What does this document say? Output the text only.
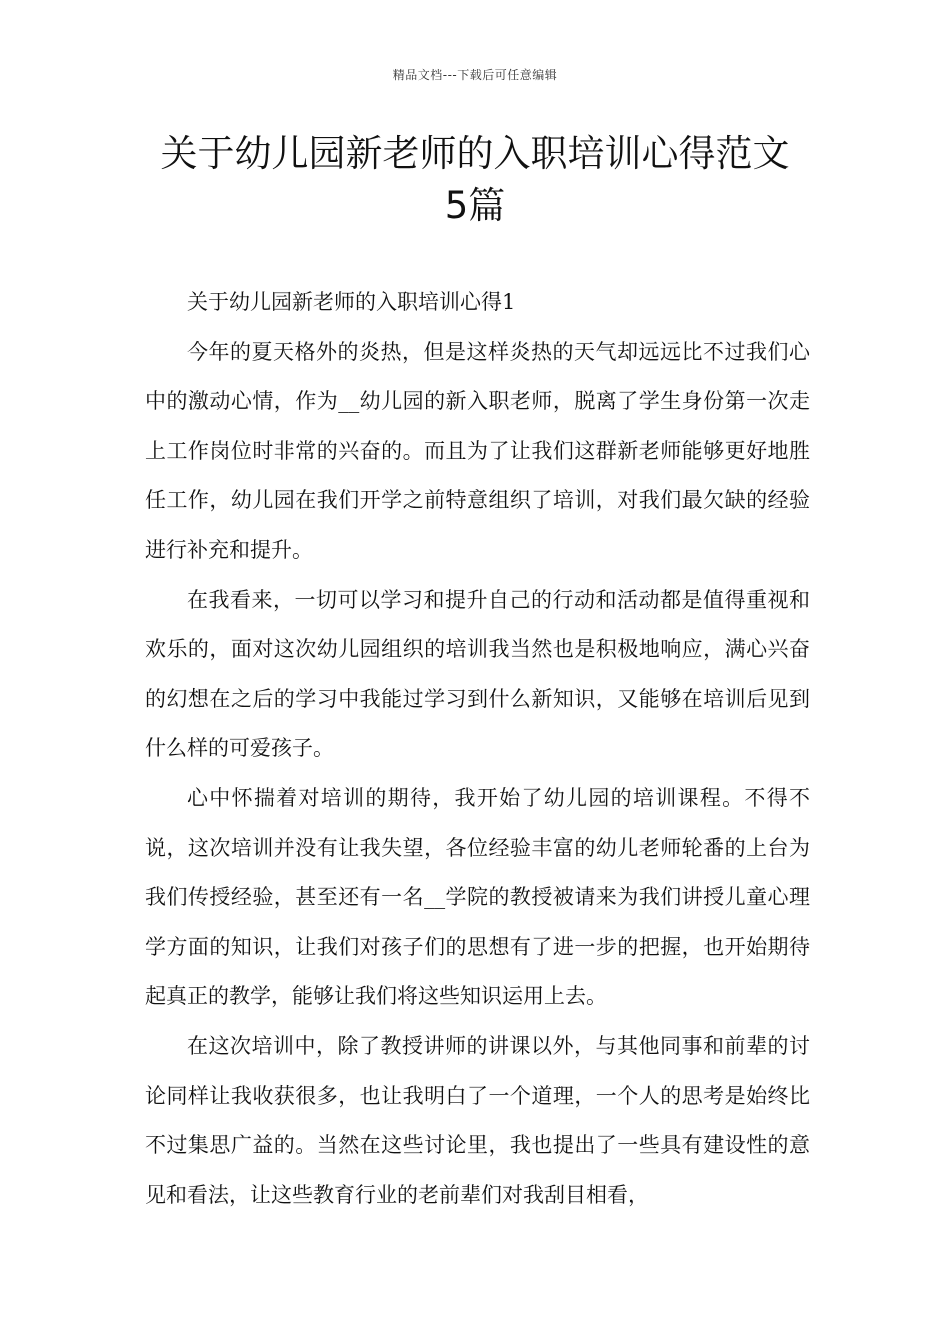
精品文档---下载后可任意编辑
关于幼儿园新老师的入职培训心得范文
5篇

关于幼儿园新老师的入职培训心得1

今年的夏天格外的炎热，但是这样炎热的天气却远远比不过我们心中的激动心情，作为__幼儿园的新入职老师，脱离了学生身份第一次走上工作岗位时非常的兴奋的。而且为了让我们这群新老师能够更好地胜任工作，幼儿园在我们开学之前特意组织了培训，对我们最欠缺的经验进行补充和提升。

在我看来，一切可以学习和提升自己的行动和活动都是值得重视和欢乐的，面对这次幼儿园组织的培训我当然也是积极地响应，满心兴奋的幻想在之后的学习中我能过学习到什么新知识，又能够在培训后见到什么样的可爱孩子。

心中怀揣着对培训的期待，我开始了幼儿园的培训课程。不得不说，这次培训并没有让我失望，各位经验丰富的幼儿老师轮番的上台为我们传授经验，甚至还有一名__学院的教授被请来为我们讲授儿童心理学方面的知识，让我们对孩子们的思想有了进一步的把握，也开始期待起真正的教学，能够让我们将这些知识运用上去。

在这次培训中，除了教授讲师的讲课以外，与其他同事和前辈的讨论同样让我收获很多，也让我明白了一个道理，一个人的思考是始终比不过集思广益的。当然在这些讨论里，我也提出了一些具有建设性的意见和看法，让这些教育行业的老前辈们对我刮目相看，
